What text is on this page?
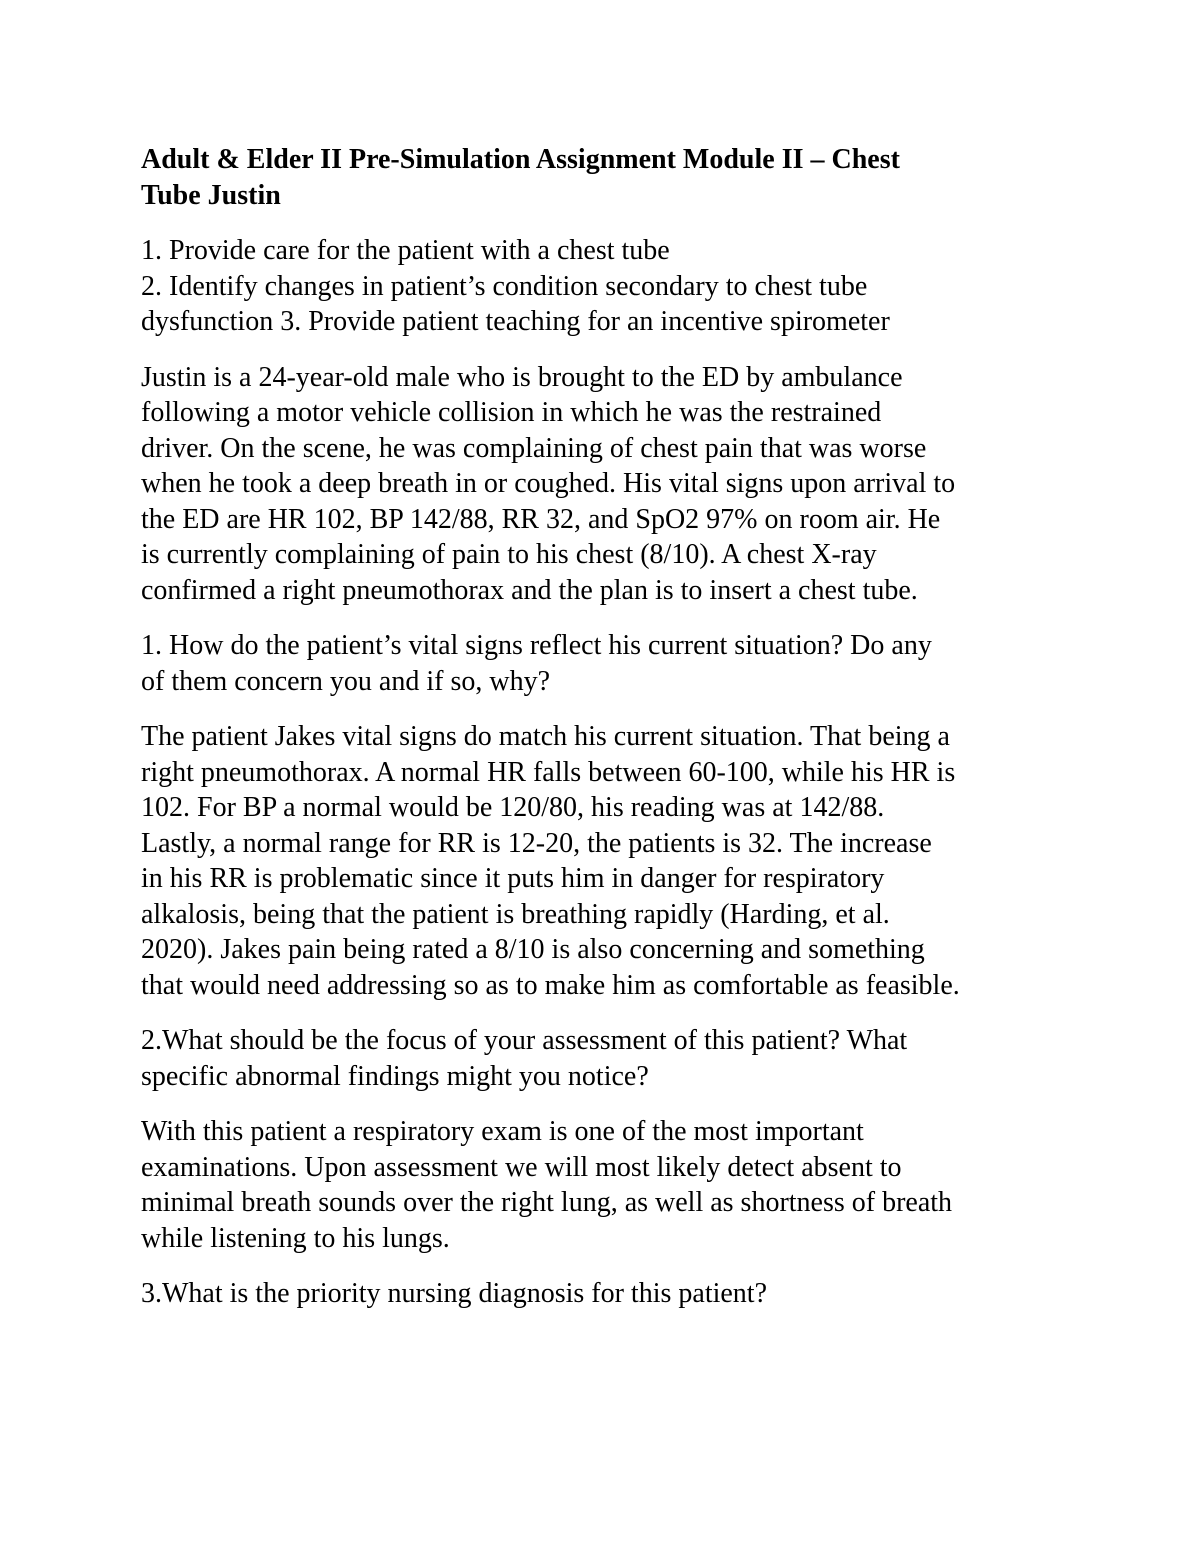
Adult & Elder II Pre-Simulation Assignment Module II – Chest
Tube Justin
1. Provide care for the patient with a chest tube
2. Identify changes in patient’s condition secondary to chest tube
dysfunction 3. Provide patient teaching for an incentive spirometer
Justin is a 24-year-old male who is brought to the ED by ambulance
following a motor vehicle collision in which he was the restrained
driver. On the scene, he was complaining of chest pain that was worse
when he took a deep breath in or coughed. His vital signs upon arrival to
the ED are HR 102, BP 142/88, RR 32, and SpO2 97% on room air. He
is currently complaining of pain to his chest (8/10). A chest X-ray
confirmed a right pneumothorax and the plan is to insert a chest tube.
1. How do the patient’s vital signs reflect his current situation? Do any
of them concern you and if so, why?
The patient Jakes vital signs do match his current situation. That being a
right pneumothorax. A normal HR falls between 60-100, while his HR is
102. For BP a normal would be 120/80, his reading was at 142/88.
Lastly, a normal range for RR is 12-20, the patients is 32. The increase
in his RR is problematic since it puts him in danger for respiratory
alkalosis, being that the patient is breathing rapidly (Harding, et al.
2020). Jakes pain being rated a 8/10 is also concerning and something
that would need addressing so as to make him as comfortable as feasible.
2.What should be the focus of your assessment of this patient? What
specific abnormal findings might you notice?
With this patient a respiratory exam is one of the most important
examinations. Upon assessment we will most likely detect absent to
minimal breath sounds over the right lung, as well as shortness of breath
while listening to his lungs.
3.What is the priority nursing diagnosis for this patient?
